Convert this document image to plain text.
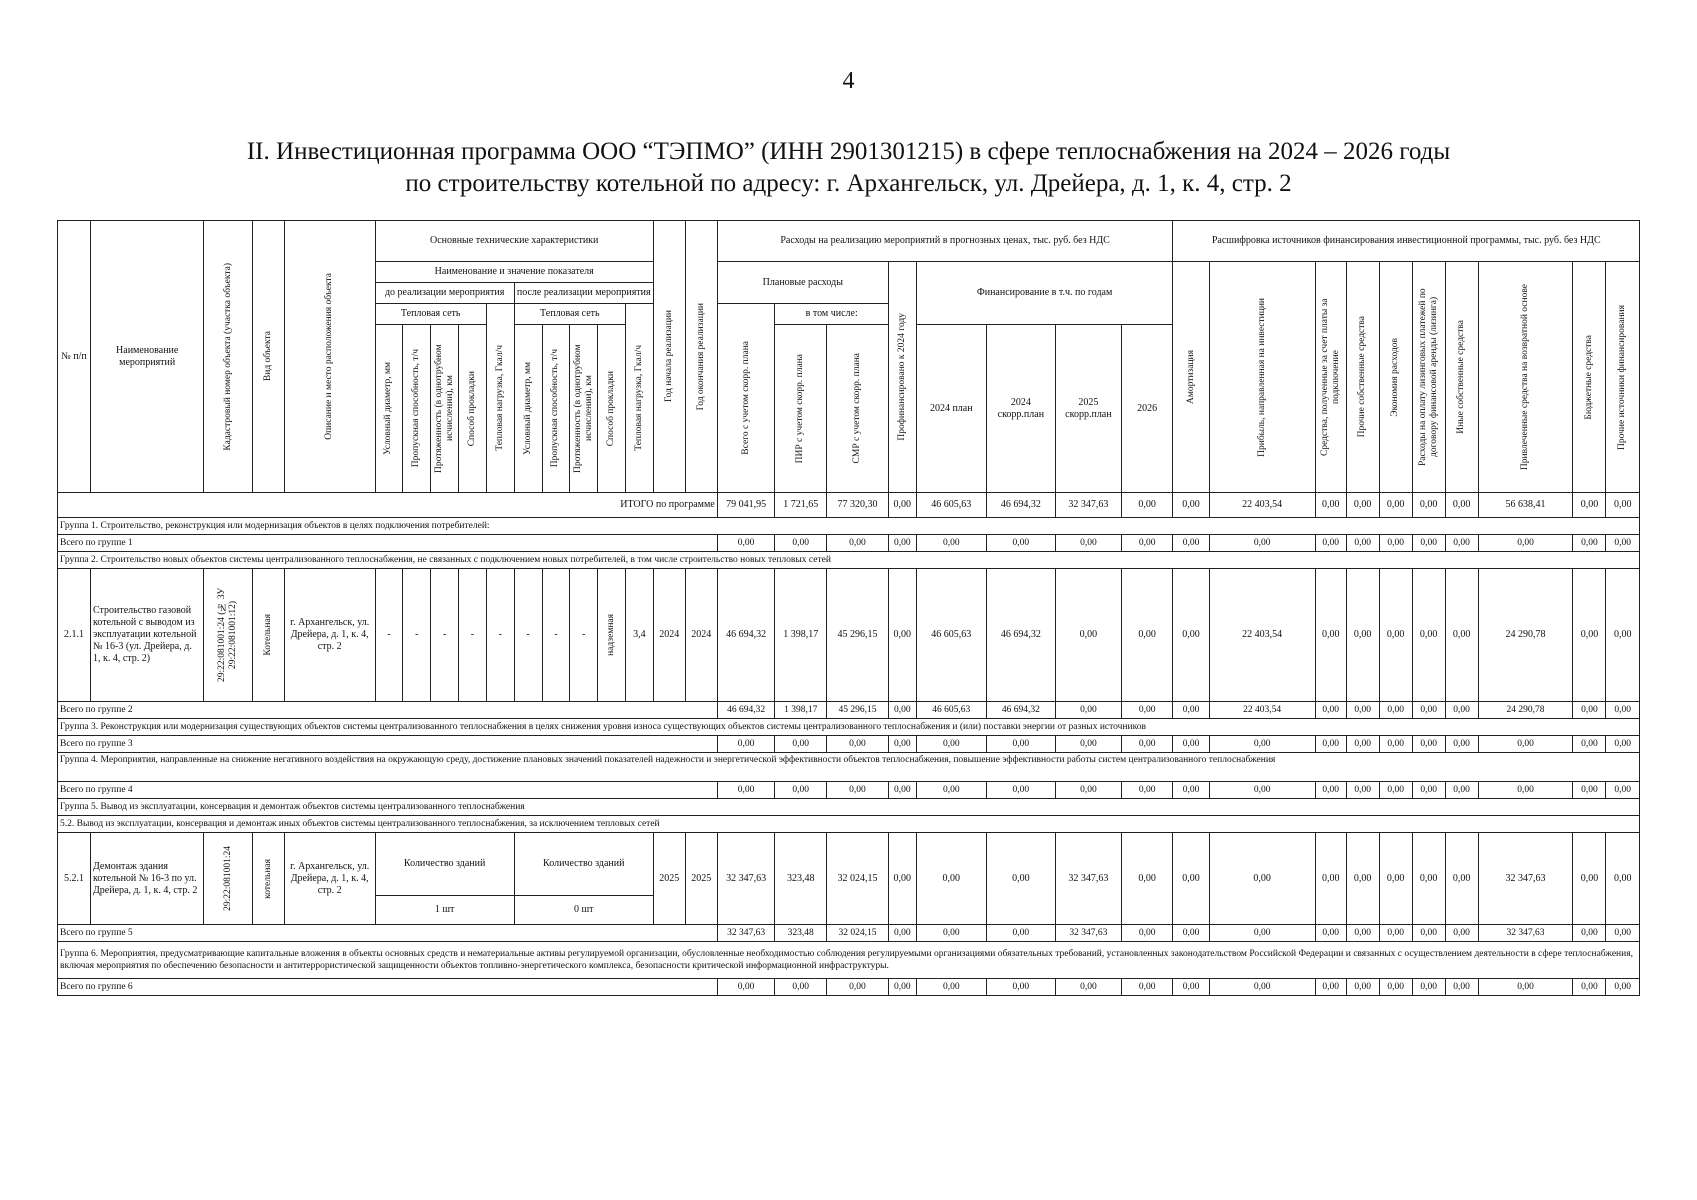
4
II. Инвестиционная программа ООО “ТЭПМО” (ИНН 2901301215) в сфере теплоснабжения на 2024 – 2026 годы
по строительству котельной по адресу: г. Архангельск, ул. Дрейера, д. 1, к. 4, стр. 2
№ п/п	Наименование мероприятий	Кадастровый номер объекта (участка объекта)	Вид объекта	Описание и место расположения объекта	Основные технические характеристики										Год начала реализации	Год окончания реализации	Расходы на реализацию мероприятий в прогнозных ценах, тыс. руб. без НДС								Расшифровка источников финансирования инвестиционной программы, тыс. руб. без НДС									
					Наименование и значение показателя												Плановые расходы			Профинансировано к 2024 году	Финансирование в т.ч. по годам				Амортизация	Прибыль, направленная на инвестиции	Средства, полученные за счет платы за подключение	Прочие собственные средства	Экономия расходов	Расходы на оплату лизинговых платежей по договору финансовой аренды (лизинга)	Иные собственные средства	Привлеченные средства на возвратной основе	Бюджетные средства	Прочие источники финансирования

					до реализации мероприятия					после реализации мероприятия																								
					Тепловая сеть				Тепловая нагрузка, Гкал/ч	Тепловая сеть				Тепловая нагрузка, Гкал/ч			Всего с учетом скорр. плана	в том числе:																

					Условный диаметр, мм	Пропускная способность, т/ч	Протяженность (в однотрубном исчислении), км	Способ прокладки		Условный диаметр, мм	Пропускная способность, т/ч	Протяженность (в однотрубном исчислении), км	Способ прокладки					ПИР с учетом скорр. плана	СМР с учетом скорр. плана		2024 план	2024 скорр.план	2025 скорр.план	2026										
ИТОГО по программе																	79 041,95	1 721,65	77 320,30	0,00	46 605,63	46 694,32	32 347,63	0,00	0,00	22 403,54	0,00	0,00	0,00	0,00	0,00	56 638,41	0,00	0,00
Группа 1. Строительство, реконструкция или модернизация объектов в целях подключения потребителей:																																		
Всего по группе 1																	0,00	0,00	0,00	0,00	0,00	0,00	0,00	0,00	0,00	0,00	0,00	0,00	0,00	0,00	0,00	0,00	0,00	0,00
Группа 2. Строительство новых объектов системы централизованного теплоснабжения, не связанных с подключением новых потребителей, в том числе строительство новых тепловых сетей																																		
2.1.1	Строительство газовой котельной с выводом из эксплуатации котельной № 16-3 (ул. Дрейера, д. 1, к. 4, стр. 2)	29:22:081001:24 (№ ЗУ 29:22:081001:12)	Котельная	г. Архангельск, ул. Дрейера, д. 1, к. 4, стр. 2	-	-	-	-	-	-	-	-	надземная	3,4	2024	2024	46 694,32	1 398,17	45 296,15	0,00	46 605,63	46 694,32	0,00	0,00	0,00	22 403,54	0,00	0,00	0,00	0,00	0,00	24 290,78	0,00	0,00
Всего по группе 2																	46 694,32	1 398,17	45 296,15	0,00	46 605,63	46 694,32	0,00	0,00	0,00	22 403,54	0,00	0,00	0,00	0,00	0,00	24 290,78	0,00	0,00
Группа 3. Реконструкция или модернизация существующих объектов системы централизованного теплоснабжения в целях снижения уровня износа существующих объектов системы централизованного теплоснабжения и (или) поставки энергии от разных источников																																		
Всего по группе 3																	0,00	0,00	0,00	0,00	0,00	0,00	0,00	0,00	0,00	0,00	0,00	0,00	0,00	0,00	0,00	0,00	0,00	0,00
Группа 4. Мероприятия, направленные на снижение негативного воздействия на окружающую среду, достижение плановых значений показателей надежности и энергетической эффективности объектов теплоснабжения, повышение эффективности работы систем централизованного теплоснабжения																																		
Всего по группе 4																	0,00	0,00	0,00	0,00	0,00	0,00	0,00	0,00	0,00	0,00	0,00	0,00	0,00	0,00	0,00	0,00	0,00	0,00
Группа 5. Вывод из эксплуатации, консервация и демонтаж объектов системы централизованного теплоснабжения																																		
5.2. Вывод из эксплуатации, консервация и демонтаж иных объектов системы централизованного теплоснабжения, за исключением тепловых сетей																																		
5.2.1	Демонтаж здания котельной № 16-3 по ул. Дрейера, д. 1, к. 4, стр. 2	29:22:081001:24	котельная	г. Архангельск, ул. Дрейера, д. 1, к. 4, стр. 2	Количество зданий					Количество зданий					2025	2025	32 347,63	323,48	32 024,15	0,00	0,00	0,00	32 347,63	0,00	0,00	0,00	0,00	0,00	0,00	0,00	0,00	32 347,63	0,00	0,00
					1 шт					0 шт																								
Всего по группе 5																	32 347,63	323,48	32 024,15	0,00	0,00	0,00	32 347,63	0,00	0,00	0,00	0,00	0,00	0,00	0,00	0,00	32 347,63	0,00	0,00
Группа 6. Мероприятия, предусматривающие капитальные вложения в объекты основных средств и нематериальные активы регулируемой организации, обусловленные необходимостью соблюдения регулируемыми организациями обязательных требований, установленных законодательством Российской Федерации и связанных с осуществлением деятельности в сфере теплоснабжения, включая мероприятия по обеспечению безопасности и антитеррористической защищенности объектов топливно-энергетического комплекса, безопасности критической информационной инфраструктуры.																																		
Всего по группе 6																	0,00	0,00	0,00	0,00	0,00	0,00	0,00	0,00	0,00	0,00	0,00	0,00	0,00	0,00	0,00	0,00	0,00	0,00
